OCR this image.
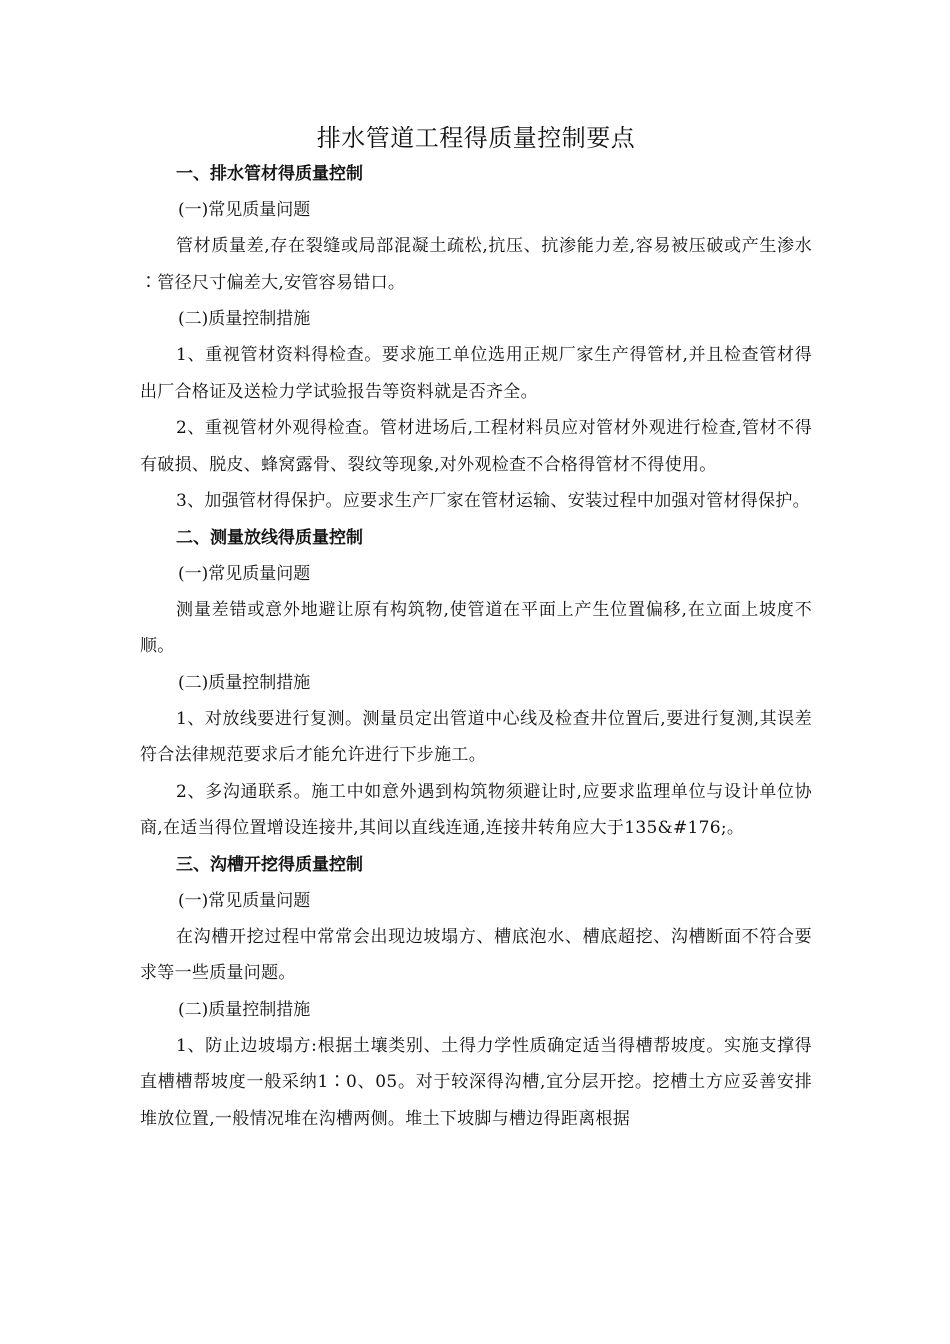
排水管道工程得质量控制要点
一、排水管材得质量控制

(一)常见质量问题

管材质量差,存在裂缝或局部混凝土疏松,抗压、抗渗能力差,容易被压破或产生渗水∶管径尺寸偏差大,安管容易错口。

(二)质量控制措施

1、重视管材资料得检查。要求施工单位选用正规厂家生产得管材,并且检查管材得出厂合格证及送检力学试验报告等资料就是否齐全。

2、重视管材外观得检查。管材进场后,工程材料员应对管材外观进行检查,管材不得有破损、脱皮、蜂窝露骨、裂纹等现象,对外观检查不合格得管材不得使用。

3、加强管材得保护。应要求生产厂家在管材运输、安装过程中加强对管材得保护。

二、测量放线得质量控制

(一)常见质量问题

测量差错或意外地避让原有构筑物,使管道在平面上产生位置偏移,在立面上坡度不顺。

(二)质量控制措施

1、对放线要进行复测。测量员定出管道中心线及检查井位置后,要进行复测,其误差符合法律规范要求后才能允许进行下步施工。

2、多沟通联系。施工中如意外遇到构筑物须避让时,应要求监理单位与设计单位协商,在适当得位置增设连接井,其间以直线连通,连接井转角应大于135&#176;。

三、沟槽开挖得质量控制

(一)常见质量问题

在沟槽开挖过程中常常会出现边坡塌方、槽底泡水、槽底超挖、沟槽断面不符合要求等一些质量问题。

(二)质量控制措施

1、防止边坡塌方:根据土壤类别、土得力学性质确定适当得槽帮坡度。实施支撑得直槽槽帮坡度一般采纳1∶0、05。对于较深得沟槽,宜分层开挖。挖槽土方应妥善安排堆放位置,一般情况堆在沟槽两侧。堆土下坡脚与槽边得距离根据
